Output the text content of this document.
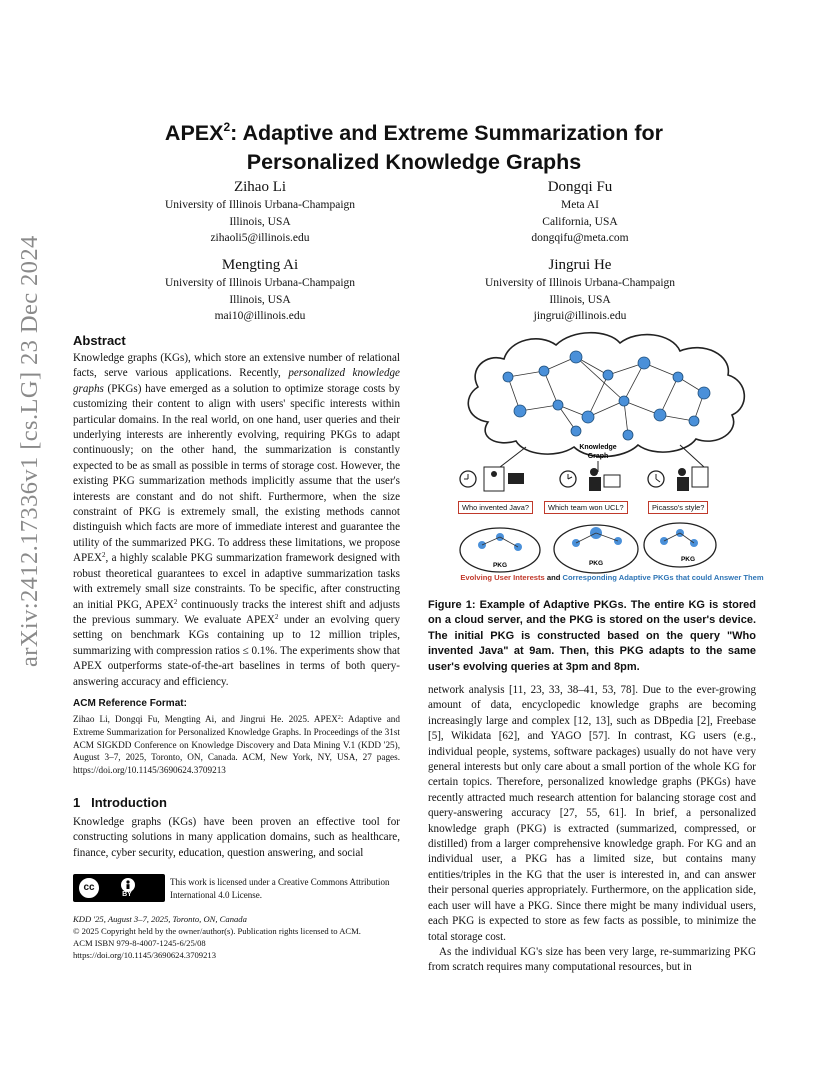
arXiv:2412.17336v1 [cs.LG] 23 Dec 2024
APEX$^2$: Adaptive and Extreme Summarization for
Personalized Knowledge Graphs
Zihao Li
University of Illinois Urbana-Champaign
Illinois, USA
zihaoli5@illinois.edu
Dongqi Fu
Meta AI
California, USA
dongqifu@meta.com
Mengting Ai
University of Illinois Urbana-Champaign
Illinois, USA
mai10@illinois.edu
Jingrui He
University of Illinois Urbana-Champaign
Illinois, USA
jingrui@illinois.edu
Abstract
Knowledge graphs (KGs), which store an extensive number of relational facts, serve various applications. Recently, personalized knowledge graphs (PKGs) have emerged as a solution to optimize storage costs by customizing their content to align with users' specific interests within particular domains. In the real world, on one hand, user queries and their underlying interests are inherently evolving, requiring PKGs to adapt continuously; on the other hand, the summarization is constantly expected to be as small as possible in terms of storage cost. However, the existing PKG summarization methods implicitly assume that the user's interests are constant and do not shift. Furthermore, when the size constraint of PKG is extremely small, the existing methods cannot distinguish which facts are more of immediate interest and guarantee the utility of the summarized PKG. To address these limitations, we propose APEX$^2$, a highly scalable PKG summarization framework designed with robust theoretical guarantees to excel in adaptive summarization tasks with extremely small size constraints. To be specific, after constructing an initial PKG, APEX$^2$ continuously tracks the interest shift and adjusts the previous summary. We evaluate APEX$^2$ under an evolving query setting on benchmark KGs containing up to 12 million triples, summarizing with compression ratios ≤ 0.1%. The experiments show that APEX outperforms state-of-the-art baselines in terms of both query-answering accuracy and efficiency.
ACM Reference Format:
Zihao Li, Dongqi Fu, Mengting Ai, and Jingrui He. 2025. APEX$^2$: Adaptive and Extreme Summarization for Personalized Knowledge Graphs. In Proceedings of the 31st ACM SIGKDD Conference on Knowledge Discovery and Data Mining V.1 (KDD '25), August 3–7, 2025, Toronto, ON, Canada. ACM, New York, NY, USA, 27 pages. https://doi.org/10.1145/3690624.3709213
1 Introduction
Knowledge graphs (KGs) have been proven an effective tool for constructing solutions in many application domains, such as healthcare, finance, cyber security, education, question answering, and social
cc
BY
This work is licensed under a Creative Commons Attribution International 4.0 License.
KDD '25, August 3–7, 2025, Toronto, ON, Canada
© 2025 Copyright held by the owner/author(s). Publication rights licensed to ACM.
ACM ISBN 979-8-4007-1245-6/25/08
https://doi.org/10.1145/3690624.3709213
Knowledge
Graph
PKG	PKG
PKG
Who invented Java?	Which team won UCL?	Picasso's style?
Evolving User Interests and Corresponding Adaptive PKGs that could Answer Them
Figure 1: Example of Adaptive PKGs. The entire KG is stored on a cloud server, and the PKG is stored on the user's device. The initial PKG is constructed based on the query "Who invented Java" at 9am. Then, this PKG adapts to the same user's evolving queries at 3pm and 8pm.
network analysis [11, 23, 33, 38–41, 53, 78]. Due to the ever-growing amount of data, encyclopedic knowledge graphs are becoming increasingly large and complex [12, 13], such as DBpedia [2], Freebase [5], Wikidata [62], and YAGO [57]. In contrast, KG users (e.g., individual people, systems, software packages) usually do not have very general interests but only care about a small portion of the whole KG for certain topics. Therefore, personalized knowledge graphs (PKGs) have recently attracted much research attention for balancing storage cost and query-answering accuracy [27, 55, 61]. In brief, a personalized knowledge graph (PKG) is extracted (summarized, compressed, or distilled) from a larger comprehensive knowledge graph. For KG and an individual user, a PKG has a limited size, but contains many entities/triples in the KG that the user is interested in, and can answer their personal queries appropriately. Furthermore, on the application side, each user will have a PKG. Since there might be many individual users, each PKG is expected to store as few facts as possible, to minimize the total storage cost.
As the individual KG's size has been very large, re-summarizing PKG from scratch requires many computational resources, but in
